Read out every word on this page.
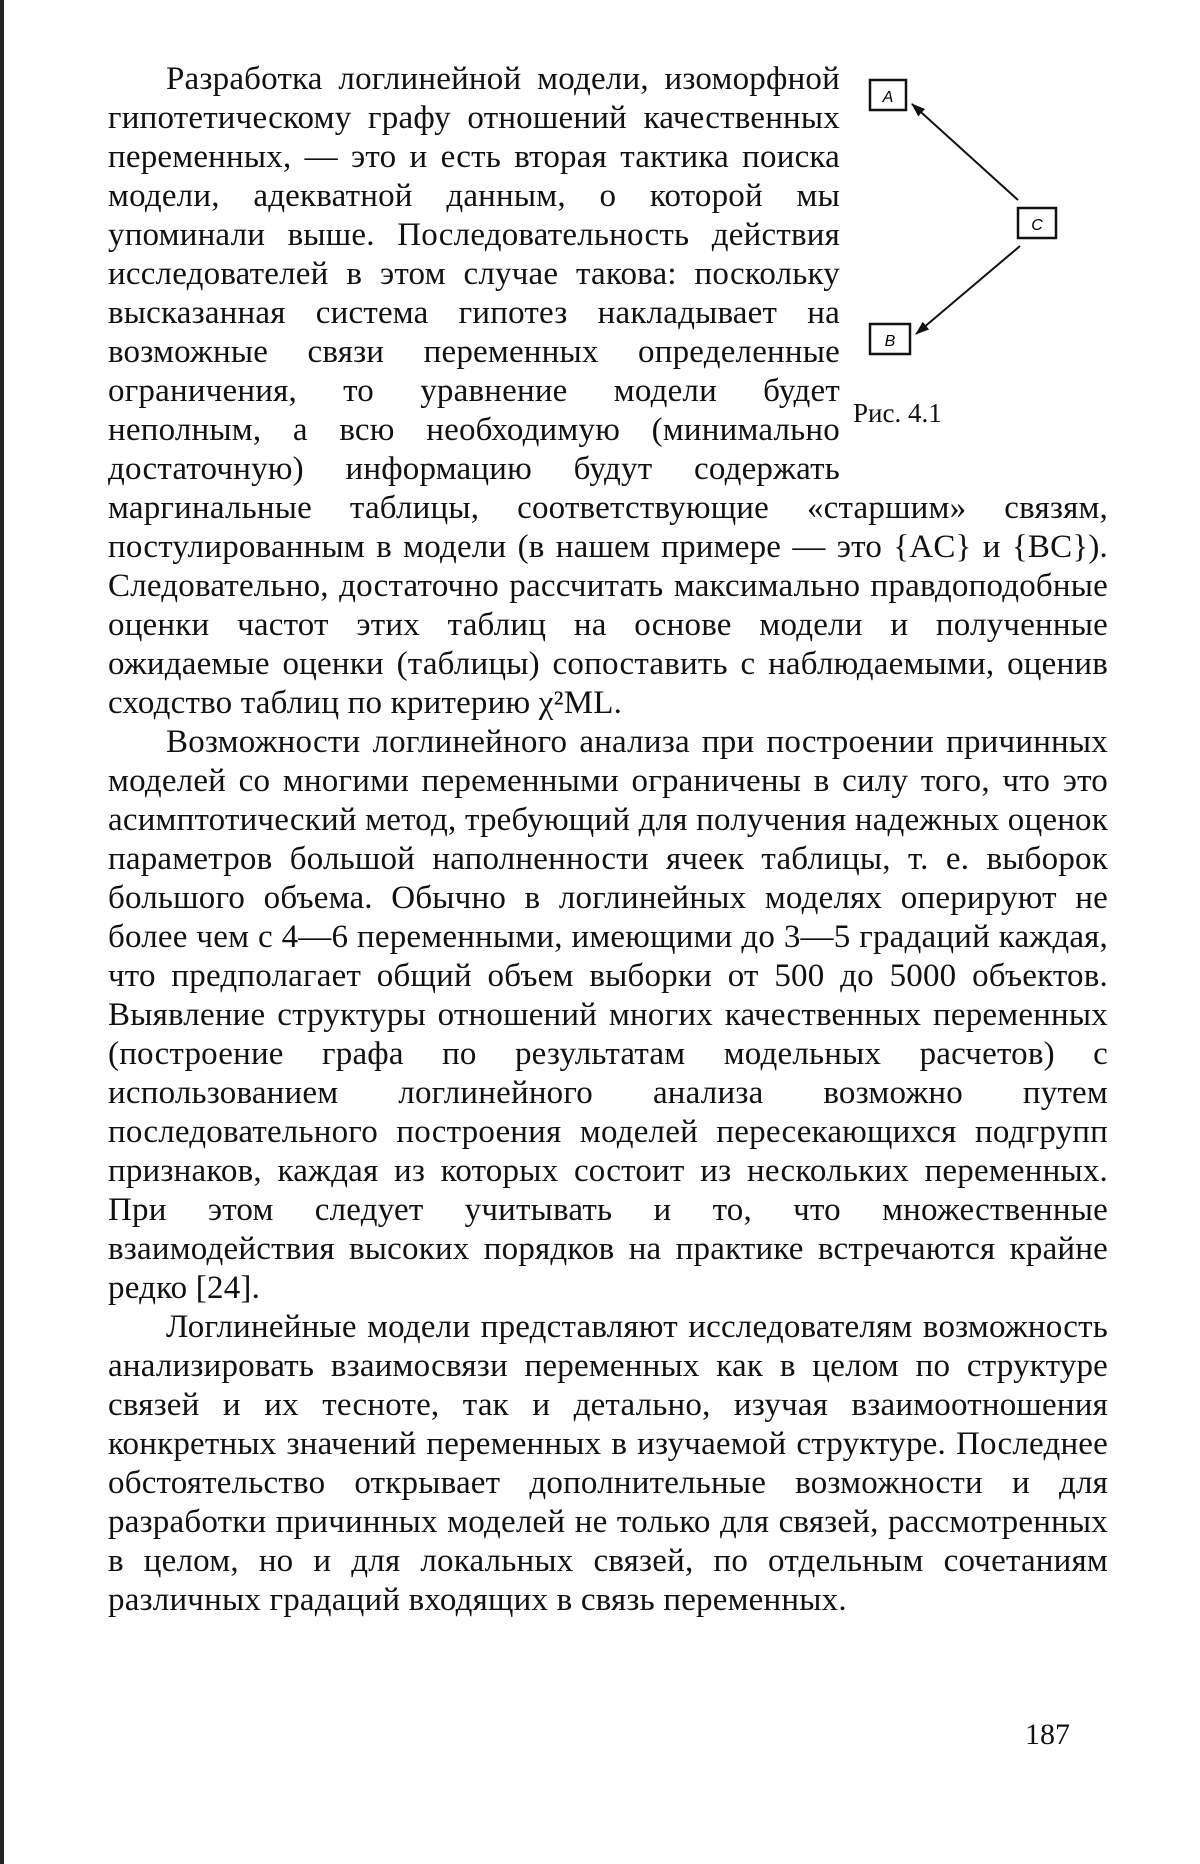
A
C
B

Разработка логлинейной модели, изоморфной гипотетическому графу отношений качественных переменных, — это и есть вторая тактика поиска модели, адекватной данным, о которой мы упоминали выше. Последовательность действия исследователей в этом случае такова: поскольку высказанная система гипотез накладывает на возможные связи переменных определенные ограничения, то уравнение модели будет неполным, а всю необходимую (минимально достаточную) информацию будут содержать маргинальные таблицы, соответствующие «старшим» связям, постулированным в модели (в нашем примере — это {AC} и {BC}). Следовательно, достаточно рассчитать максимально правдоподобные оценки частот этих таблиц на основе модели и полученные ожидаемые оценки (таблицы) сопоставить с наблюдаемыми, оценив сходство таблиц по критерию χ²ML.

Возможности логлинейного анализа при построении причинных моделей со многими переменными ограничены в силу того, что это асимптотический метод, требующий для получения надежных оценок параметров большой наполненности ячеек таблицы, т. е. выборок большого объема. Обычно в логлинейных моделях оперируют не более чем с 4—6 переменными, имеющими до 3—5 градаций каждая, что предполагает общий объем выборки от 500 до 5000 объектов. Выявление структуры отношений многих качественных переменных (построение графа по результатам модельных расчетов) с использованием логлинейного анализа возможно путем последовательного построения моделей пересекающихся подгрупп признаков, каждая из которых состоит из нескольких переменных. При этом следует учитывать и то, что множественные взаимодействия высоких порядков на практике встречаются крайне редко [24].

Логлинейные модели представляют исследователям возможность анализировать взаимосвязи переменных как в целом по структуре связей и их тесноте, так и детально, изучая взаимоотношения конкретных значений переменных в изучаемой структуре. Последнее обстоятельство открывает дополнительные возможности и для разработки причинных моделей не только для связей, рассмотренных в целом, но и для локальных связей, по отдельным сочетаниям различных градаций входящих в связь переменных.

Рис. 4.1
187
